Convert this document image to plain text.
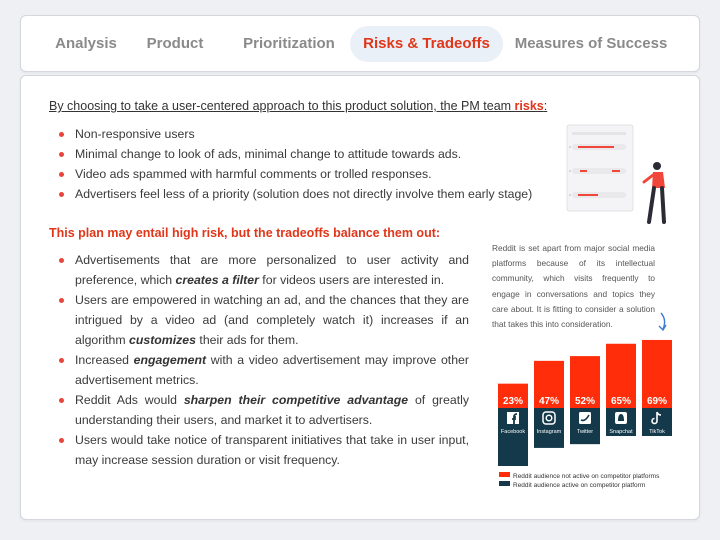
Analysis	Product	Prioritization	Risks & Tradeoffs	Measures of Success
By choosing to take a user-centered approach to this product solution, the PM team risks:
Non-responsive users
Minimal change to look of ads, minimal change to attitude towards ads.
Video ads spammed with harmful comments or trolled responses.
Advertisers feel less of a priority (solution does not directly involve them early stage)
This plan may entail high risk, but the tradeoffs balance them out:
Advertisements that are more personalized to user activity and preference, which creates a filter for videos users are interested in.
Users are empowered in watching an ad, and the chances that they are intrigued by a video ad (and completely watch it) increases if an algorithm customizes their ads for them.
Increased engagement with a video advertisement may improve other advertisement metrics.
Reddit Ads would sharpen their competitive advantage of greatly understanding their users, and market it to advertisers.
Users would take notice of transparent initiatives that take in user input, may increase session duration or visit frequency.
Reddit is set apart from major social media platforms because of its intellectual community, which visits frequently to engage in conversations and topics they care about. It is fitting to consider a solution that takes this into consideration.
23%
Facebook
47%
Instagram
52%
Twitter
65%
Snapchat
69%
TikTok
Reddit audience not active on competitor platforms
Reddit audience active on competitor platform
